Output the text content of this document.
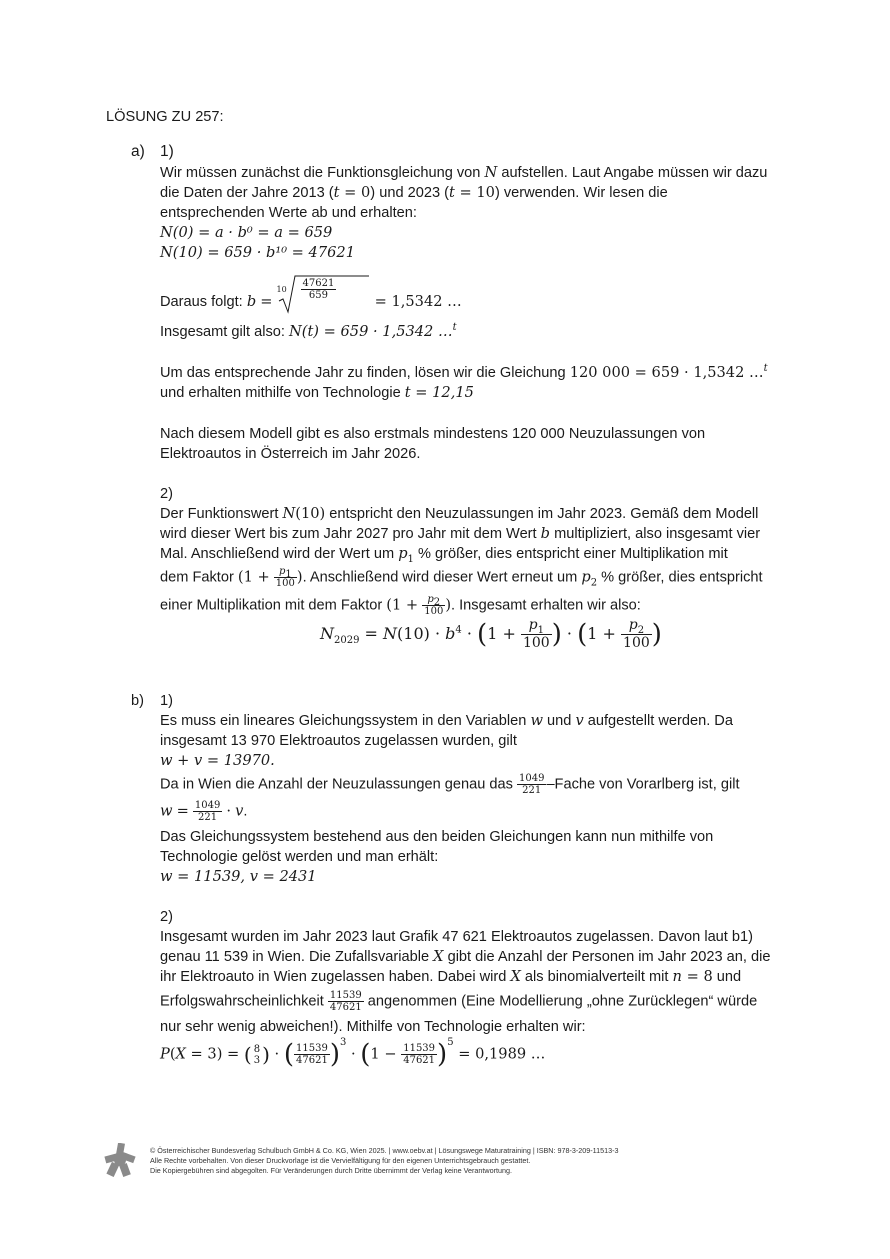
LÖSUNG ZU 257:
a) 1)
Wir müssen zunächst die Funktionsgleichung von N aufstellen. Laut Angabe müssen wir dazu
die Daten der Jahre 2013 (t = 0) und 2023 (t = 10) verwenden. Wir lesen die
entsprechenden Werte ab und erhalten:
N(0) = a · b⁰ = a = 659
N(10) = 659 · b¹⁰ = 47621
Daraus folgt: b =
$10 \frac{47621}{659}$
= 1,5342 …
Insgesamt gilt also: N(t) = 659 · 1,5342 …$^t$
Um das entsprechende Jahr zu finden, lösen wir die Gleichung 120 000 = 659 · 1,5342 …$^t$
und erhalten mithilfe von Technologie t = 12,15
Nach diesem Modell gibt es also erstmals mindestens 120 000 Neuzulassungen von
Elektroautos in Österreich im Jahr 2026.
2)
Der Funktionswert N(10) entspricht den Neuzulassungen im Jahr 2023. Gemäß dem Modell
wird dieser Wert bis zum Jahr 2027 pro Jahr mit dem Wert b multipliziert, also insgesamt vier
Mal. Anschließend wird der Wert um $p_1$ % größer, dies entspricht einer Multiplikation mit
dem Faktor ($1 + \frac{p_1}{100}$ ). Anschließend wird dieser Wert erneut um $p_2$ % größer, dies entspricht
einer Multiplikation mit dem Faktor ($1 + \frac{p_2}{100}$ ). Insgesamt erhalten wir also:
$N_{2029} = N(10) \cdot b^4 \cdot (1 + \frac{p_1}{100}$ ) · ($1 + \frac{p_2}{100}$ )
b) 1)
Es muss ein lineares Gleichungssystem in den Variablen w und v aufgestellt werden. Da
insgesamt 13 970 Elektroautos zugelassen wurden, gilt
w + v = 13970.
Da in Wien die Anzahl der Neuzulassungen genau das $\frac{1049}{221}$ –Fache von Vorarlberg ist, gilt
$w = \frac{1049}{221} \cdot v$.
Das Gleichungssystem bestehend aus den beiden Gleichungen kann nun mithilfe von
Technologie gelöst werden und man erhält:
w = 11539, v = 2431
2)
Insgesamt wurden im Jahr 2023 laut Grafik 47 621 Elektroautos zugelassen. Davon laut b1)
genau 11 539 in Wien. Die Zufallsvariable X gibt die Anzahl der Personen im Jahr 2023 an, die
ihr Elektroauto in Wien zugelassen haben. Dabei wird X als binomialverteilt mit n = 8 und
Erfolgswahrscheinlichkeit $\frac{11539}{47621}$ angenommen (Eine Modellierung „ohne Zurücklegen“ würde
nur sehr wenig abweichen!). Mithilfe von Technologie erhalten wir:
P(X = 3) = ( 8
3 ) · ( $\frac{11539}{47621} )^3 \cdot (1 - \frac{11539}{47621} )^5 = 0,1989$ …
© Österreichischer Bundesverlag Schulbuch GmbH & Co. KG, Wien 2025. | www.oebv.at | Lösungswege Maturatraining | ISBN: 978-3-209-11513-3
Alle Rechte vorbehalten. Von dieser Druckvorlage ist die Vervielfältigung für den eigenen Unterrichtsgebrauch gestattet.
Die Kopiergebühren sind abgegolten. Für Veränderungen durch Dritte übernimmt der Verlag keine Verantwortung.
